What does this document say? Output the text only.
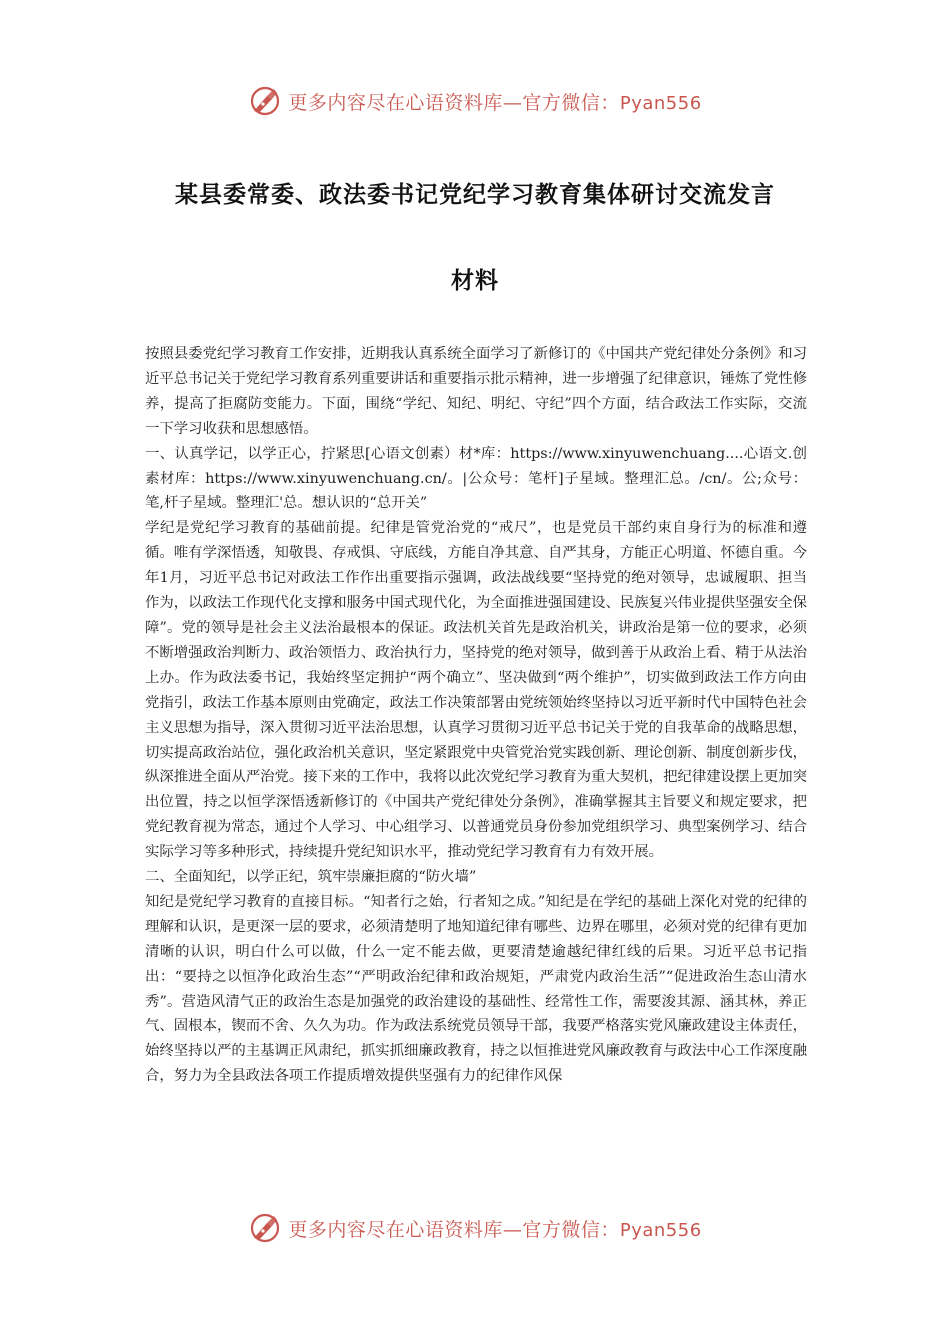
更多内容尽在心语资料库—官方微信：Pyan556
某县委常委、政法委书记党纪学习教育集体研讨交流发言
材料

按照县委党纪学习教育工作安排，近期我认真系统全面学习了新修订的《中国共产党纪律处分条例》和习近平总书记关于党纪学习教育系列重要讲话和重要指示批示精神，进一步增强了纪律意识，锤炼了党性修养，提高了拒腐防变能力。下面，围绕“学纪、知纪、明纪、守纪”四个方面，结合政法工作实际，交流一下学习收获和思想感悟。

一、认真学记，以学正心，拧紧思[心语文创素）材*库：https://www.xinyuwenchuang....心语文.创素材库：https://www.xinyuwenchuang.cn/。|公众号：笔杆]子星域。整理汇总。/cn/。公;众号：笔,杆子星域。整理汇'总。想认识的“总开关”

学纪是党纪学习教育的基础前提。纪律是管党治党的“戒尺”，也是党员干部约束自身行为的标准和遵循。唯有学深悟透，知敬畏、存戒惧、守底线，方能自净其意、自严其身，方能正心明道、怀德自重。今年1月，习近平总书记对政法工作作出重要指示强调，政法战线要“坚持党的绝对领导，忠诚履职、担当作为，以政法工作现代化支撑和服务中国式现代化，为全面推进强国建设、民族复兴伟业提供坚强安全保障”。党的领导是社会主义法治最根本的保证。政法机关首先是政治机关，讲政治是第一位的要求，必须不断增强政治判断力、政治领悟力、政治执行力，坚持党的绝对领导，做到善于从政治上看、精于从法治上办。作为政法委书记，我始终坚定拥护“两个确立”、坚决做到“两个维护”，切实做到政法工作方向由党指引，政法工作基本原则由党确定，政法工作决策部署由党统领始终坚持以习近平新时代中国特色社会主义思想为指导，深入贯彻习近平法治思想，认真学习贯彻习近平总书记关于党的自我革命的战略思想，切实提高政治站位，强化政治机关意识，坚定紧跟党中央管党治党实践创新、理论创新、制度创新步伐，纵深推进全面从严治党。接下来的工作中，我将以此次党纪学习教育为重大契机，把纪律建设摆上更加突出位置，持之以恒学深悟透新修订的《中国共产党纪律处分条例》，准确掌握其主旨要义和规定要求，把党纪教育视为常态，通过个人学习、中心组学习、以普通党员身份参加党组织学习、典型案例学习、结合实际学习等多种形式，持续提升党纪知识水平，推动党纪学习教育有力有效开展。

二、全面知纪，以学正纪，筑牢崇廉拒腐的“防火墙”

知纪是党纪学习教育的直接目标。“知者行之始，行者知之成。”知纪是在学纪的基础上深化对党的纪律的理解和认识，是更深一层的要求，必须清楚明了地知道纪律有哪些、边界在哪里，必须对党的纪律有更加清晰的认识，明白什么可以做，什么一定不能去做，更要清楚逾越纪律红线的后果。习近平总书记指出：“要持之以恒净化政治生态”“严明政治纪律和政治规矩，严肃党内政治生活”“促进政治生态山清水秀”。营造风清气正的政治生态是加强党的政治建设的基础性、经常性工作，需要浚其源、涵其林，养正气、固根本，锲而不舍、久久为功。作为政法系统党员领导干部，我要严格落实党风廉政建设主体责任，始终坚持以严的主基调正风肃纪，抓实抓细廉政教育，持之以恒推进党风廉政教育与政法中心工作深度融合，努力为全县政法各项工作提质增效提供坚强有力的纪律作风保

更多内容尽在心语资料库—官方微信：Pyan556
